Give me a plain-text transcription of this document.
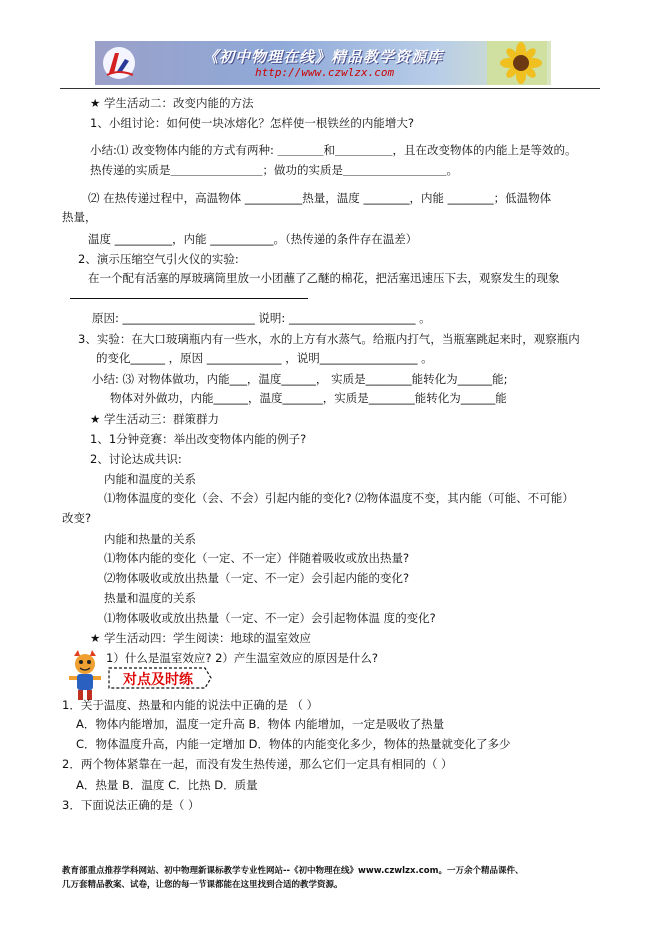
《初中物理在线》精品教学资源库
http://www.czwlzx.com
★ 学生活动二：改变内能的方法
1、小组讨论：如何使一块冰熔化？怎样使一根铁丝的内能增大?
小结:⑴ 改变物体内能的方式有两种: ＿＿＿＿和＿＿＿＿＿，且在改变物体的内能上是等效的。
热传递的实质是＿＿＿＿＿＿＿＿；做功的实质是＿＿＿＿＿＿＿＿＿。
⑵ 在热传递过程中，高温物体 __________热量，温度 ________，内能 ________；低温物体
热量，
温度 __________，内能 ___________。（热传递的条件存在温差）
2、演示压缩空气引火仪的实验:
在一个配有活塞的厚玻璃筒里放一小团蘸了乙醚的棉花，把活塞迅速压下去，观察发生的现象
原因: _______________________ 说明: ______________________ 。
3、实验：在大口玻璃瓶内有一些水，水的上方有水蒸气。给瓶内打气，当瓶塞跳起来时，观察瓶内
的变化______ ，原因 _____________ ，说明_________________ 。
小结: ⑶ 对物体做功，内能___，温度______， 实质是________能转化为______能;
物体对外做功，内能______，温度_______，实质是________能转化为______能
★ 学生活动三：群策群力
1、1分钟竞赛：举出改变物体内能的例子?
2、讨论达成共识:
内能和温度的关系
⑴物体温度的变化（会、不会）引起内能的变化? ⑵物体温度不变，其内能（可能、不可能）
改变?
内能和热量的关系
⑴物体内能的变化（一定、不一定）伴随着吸收或放出热量?
⑵物体吸收或放出热量（一定、不一定）会引起内能的变化?
热量和温度的关系
⑴物体吸收或放出热量（一定、不一定）会引起物体温 度的变化?
★ 学生活动四：学生阅读：地球的温室效应
1）什么是温室效应? 2）产生温室效应的原因是什么?
对点及时练
1．关于温度、热量和内能的说法中正确的是 （ ）
A．物体内能增加，温度一定升高 B．物体 内能增加，一定是吸收了热量
C．物体温度升高，内能一定增加 D．物体的内能变化多少，物体的热量就变化了多少
2．两个物体紧靠在一起，而没有发生热传递，那么它们一定具有相同的（ ）
A．热量 B．温度 C．比热 D．质量
3．下面说法正确的是（ ）
教育部重点推荐学科网站、初中物理新课标教学专业性网站--《初中物理在线》www.czwlzx.com。一万余个精品课件、
几万套精品教案、试卷，让您的每一节课都能在这里找到合适的教学资源。
